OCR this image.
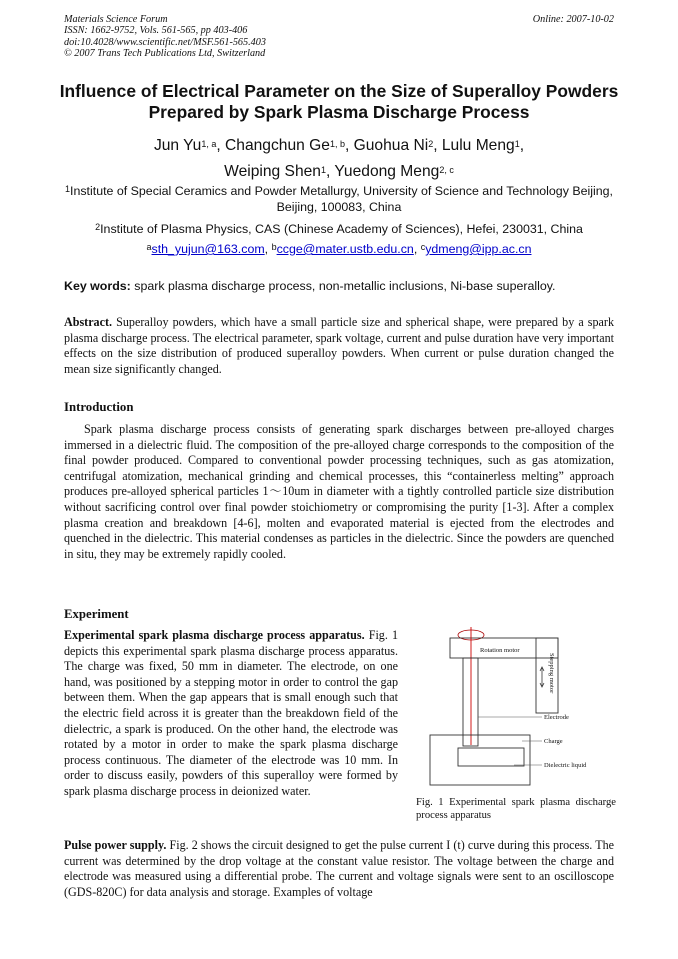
Materials Science Forum
ISSN: 1662-9752, Vols. 561-565, pp 403-406
doi:10.4028/www.scientific.net/MSF.561-565.403
© 2007 Trans Tech Publications Ltd, Switzerland
Online: 2007-10-02
Influence of Electrical Parameter on the Size of Superalloy Powders
Prepared by Spark Plasma Discharge Process
Jun Yu$^{1, a}$, Changchun Ge$^{1, b}$, Guohua Ni$^2$, Lulu Meng$^1$,
Weiping Shen$^1$, Yuedong Meng$^{2, c}$
$^1$Institute of Special Ceramics and Powder Metallurgy, University of Science and Technology Beijing, Beijing, 100083, China
$^2$Institute of Plasma Physics, CAS (Chinese Academy of Sciences), Hefei, 230031, China
$^a$sth_yujun@163.com, $^b$ccge@mater.ustb.edu.cn, $^c$ydmeng@ipp.ac.cn
Key words: spark plasma discharge process, non-metallic inclusions, Ni-base superalloy.
Abstract. Superalloy powders, which have a small particle size and spherical shape, were prepared by a spark plasma discharge process. The electrical parameter, spark voltage, current and pulse duration have very important effects on the size distribution of produced superalloy powders. When current or pulse duration changed the mean size significantly changed.
Introduction
Spark plasma discharge process consists of generating spark discharges between pre-alloyed charges immersed in a dielectric fluid. The composition of the pre-alloyed charge corresponds to the composition of the final powder produced. Compared to conventional powder processing techniques, such as gas atomization, centrifugal atomization, mechanical grinding and chemical processes, this “containerless melting” approach produces pre-alloyed spherical particles 1～10um in diameter with a tightly controlled particle size distribution without sacrificing control over final powder stoichiometry or compromising the purity [1-3]. After a complex plasma creation and breakdown [4-6], molten and evaporated material is ejected from the electrodes and quenched in the dielectric. This material condenses as particles in the dielectric. Since the powders are quenched in situ, they may be extremely rapidly cooled.
Experiment
Experimental spark plasma discharge process apparatus. Fig. 1 depicts this experimental spark plasma discharge process apparatus. The charge was fixed, 50 mm in diameter. The electrode, on one hand, was positioned by a stepping motor in order to control the gap between them. When the gap appears that is small enough such that the electric field across it is greater than the breakdown field of the dielectric, a spark is produced. On the other hand, the electrode was rotated by a motor in order to make the spark plasma discharge process continuous. The diameter of the electrode was 10 mm. In order to discuss easily, powders of this superalloy were formed by spark plasma discharge process in deionized water.
Rotation motor
Stepping motor
Electrode
Charge
Dielectric liquid
Fig. 1 Experimental spark plasma discharge process apparatus
Pulse power supply. Fig. 2 shows the circuit designed to get the pulse current I (t) curve during this process. The current was determined by the drop voltage at the constant value resistor. The voltage between the charge and electrode was measured using a differential probe. The current and voltage signals were sent to an oscilloscope (GDS-820C) for data analysis and storage. Examples of voltage
